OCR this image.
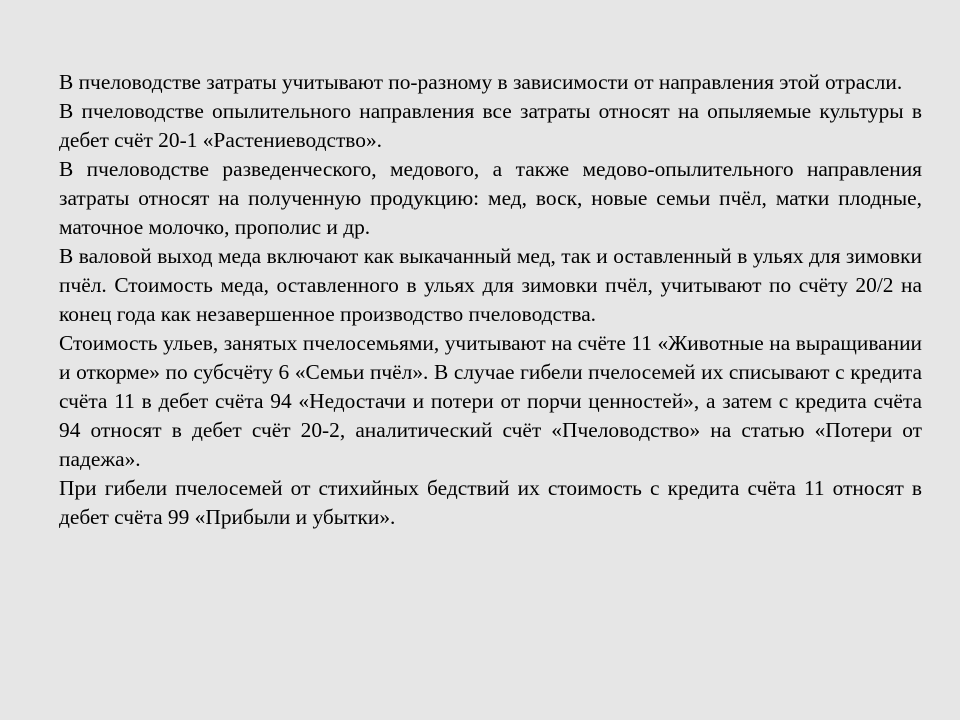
В пчеловодстве затраты учитывают по-разному в зависимости от направления этой отрасли.

В пчеловодстве опылительного направления все затраты относят на опыляемые культуры в дебет счёт 20-1 «Растениеводство».

В пчеловодстве разведенческого, медового, а также медово-опылительного направления затраты относят на полученную продукцию: мед, воск, новые семьи пчёл, матки плодные, маточное молочко, прополис и др.

В валовой выход меда включают как выкачанный мед, так и оставленный в ульях для зимовки пчёл. Стоимость меда, оставленного в ульях для зимовки пчёл, учитывают по счёту 20/2 на конец года как незавершенное производство пчеловодства.

Стоимость ульев, занятых пчелосемьями, учитывают на счёте 11 «Животные на выращивании и откорме» по субсчёту 6 «Семьи пчёл». В случае гибели пчелосемей их списывают с кредита счёта 11 в дебет счёта 94 «Недостачи и потери от порчи ценностей», а затем с кредита счёта 94 относят в дебет счёт 20-2, аналитический счёт «Пчеловодство» на статью «Потери от падежа».

При гибели пчелосемей от стихийных бедствий их стоимость с кредита счёта 11 относят в дебет счёта 99 «Прибыли и убытки».
